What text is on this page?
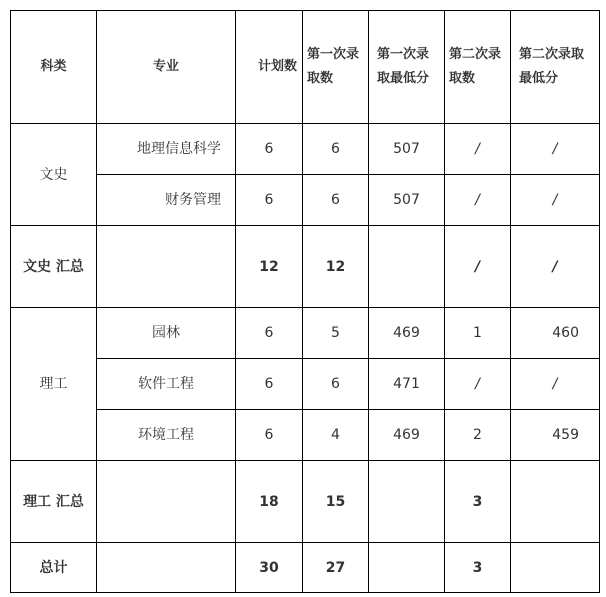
科类	专业	计划数	第一次录取数	第一次录取最低分	第二次录取数	第二次录取最低分
文史	地理信息科学	6	6	507	/	/
	财务管理	6	6	507	/	/
文史 汇总		12	12		/	/
理工	园林	6	5	469	1	460
	软件工程	6	6	471	/	/
	环境工程	6	4	469	2	459
理工 汇总		18	15		3	
总计		30	27		3	
